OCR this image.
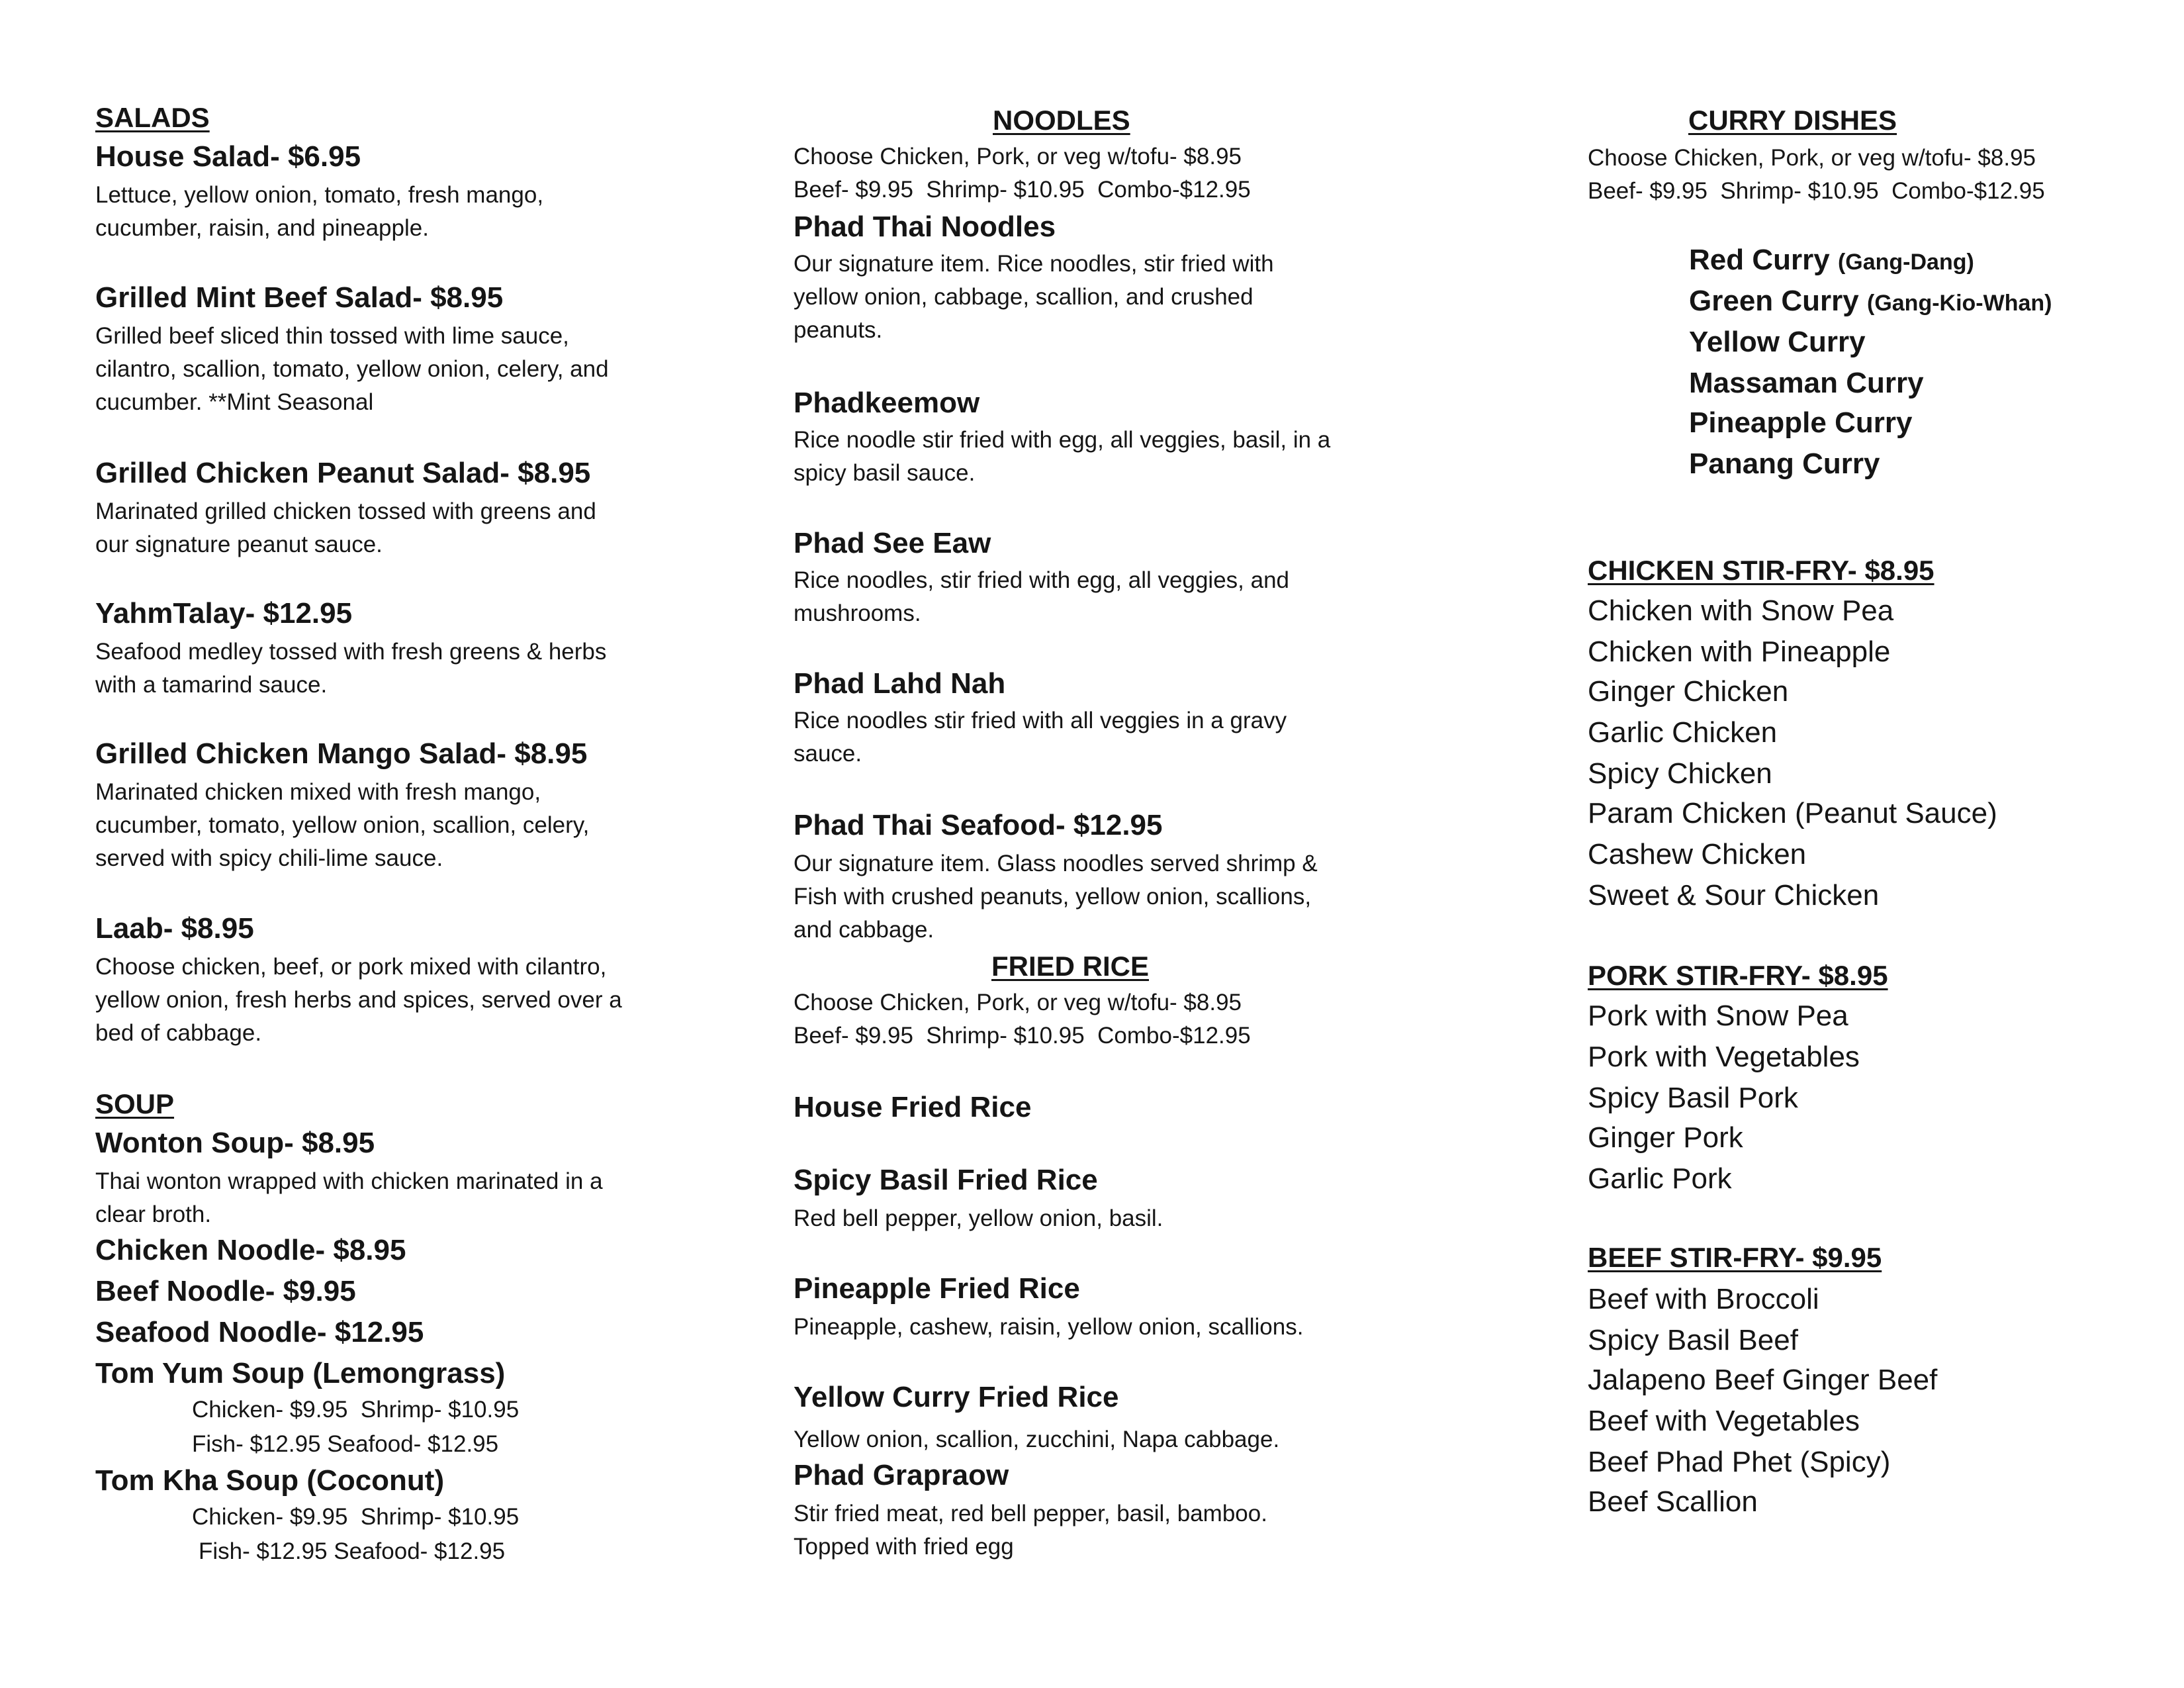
SALADS
House Salad- $6.95
Lettuce, yellow onion, tomato, fresh mango,
cucumber, raisin, and pineapple.
Grilled Mint Beef Salad- $8.95
Grilled beef sliced thin tossed with lime sauce,
cilantro, scallion, tomato, yellow onion, celery, and
cucumber. **Mint Seasonal
Grilled Chicken Peanut Salad- $8.95
Marinated grilled chicken tossed with greens and
our signature peanut sauce.
YahmTalay- $12.95
Seafood medley tossed with fresh greens & herbs
with a tamarind sauce.
Grilled Chicken Mango Salad- $8.95
Marinated chicken mixed with fresh mango,
cucumber, tomato, yellow onion, scallion, celery,
served with spicy chili-lime sauce.
Laab- $8.95
Choose chicken, beef, or pork mixed with cilantro,
yellow onion, fresh herbs and spices, served over a
bed of cabbage.
SOUP
Wonton Soup- $8.95
Thai wonton wrapped with chicken marinated in a
clear broth.
Chicken Noodle- $8.95
Beef Noodle- $9.95
Seafood Noodle- $12.95
Tom Yum Soup (Lemongrass)
Chicken- $9.95  Shrimp- $10.95
Fish- $12.95 Seafood- $12.95
Tom Kha Soup (Coconut)
Chicken- $9.95  Shrimp- $10.95
Fish- $12.95 Seafood- $12.95
NOODLES
Choose Chicken, Pork, or veg w/tofu- $8.95
Beef- $9.95  Shrimp- $10.95  Combo-$12.95
Phad Thai Noodles
Our signature item. Rice noodles, stir fried with
yellow onion, cabbage, scallion, and crushed
peanuts.
Phadkeemow
Rice noodle stir fried with egg, all veggies, basil, in a
spicy basil sauce.
Phad See Eaw
Rice noodles, stir fried with egg, all veggies, and
mushrooms.
Phad Lahd Nah
Rice noodles stir fried with all veggies in a gravy
sauce.
Phad Thai Seafood- $12.95
Our signature item. Glass noodles served shrimp &
Fish with crushed peanuts, yellow onion, scallions,
and cabbage.
FRIED RICE
Choose Chicken, Pork, or veg w/tofu- $8.95
Beef- $9.95  Shrimp- $10.95  Combo-$12.95
House Fried Rice
Spicy Basil Fried Rice
Red bell pepper, yellow onion, basil.
Pineapple Fried Rice
Pineapple, cashew, raisin, yellow onion, scallions.
Yellow Curry Fried Rice
Yellow onion, scallion, zucchini, Napa cabbage.
Phad Grapraow
Stir fried meat, red bell pepper, basil, bamboo.
Topped with fried egg
CURRY DISHES
Choose Chicken, Pork, or veg w/tofu- $8.95
Beef- $9.95  Shrimp- $10.95  Combo-$12.95
Red Curry (Gang-Dang)
Green Curry (Gang-Kio-Whan)
Yellow Curry
Massaman Curry
Pineapple Curry
Panang Curry
CHICKEN STIR-FRY- $8.95
Chicken with Snow Pea
Chicken with Pineapple
Ginger Chicken
Garlic Chicken
Spicy Chicken
Param Chicken (Peanut Sauce)
Cashew Chicken
Sweet & Sour Chicken
PORK STIR-FRY- $8.95
Pork with Snow Pea
Pork with Vegetables
Spicy Basil Pork
Ginger Pork
Garlic Pork
BEEF STIR-FRY- $9.95
Beef with Broccoli
Spicy Basil Beef
Jalapeno Beef Ginger Beef
Beef with Vegetables
Beef Phad Phet (Spicy)
Beef Scallion
